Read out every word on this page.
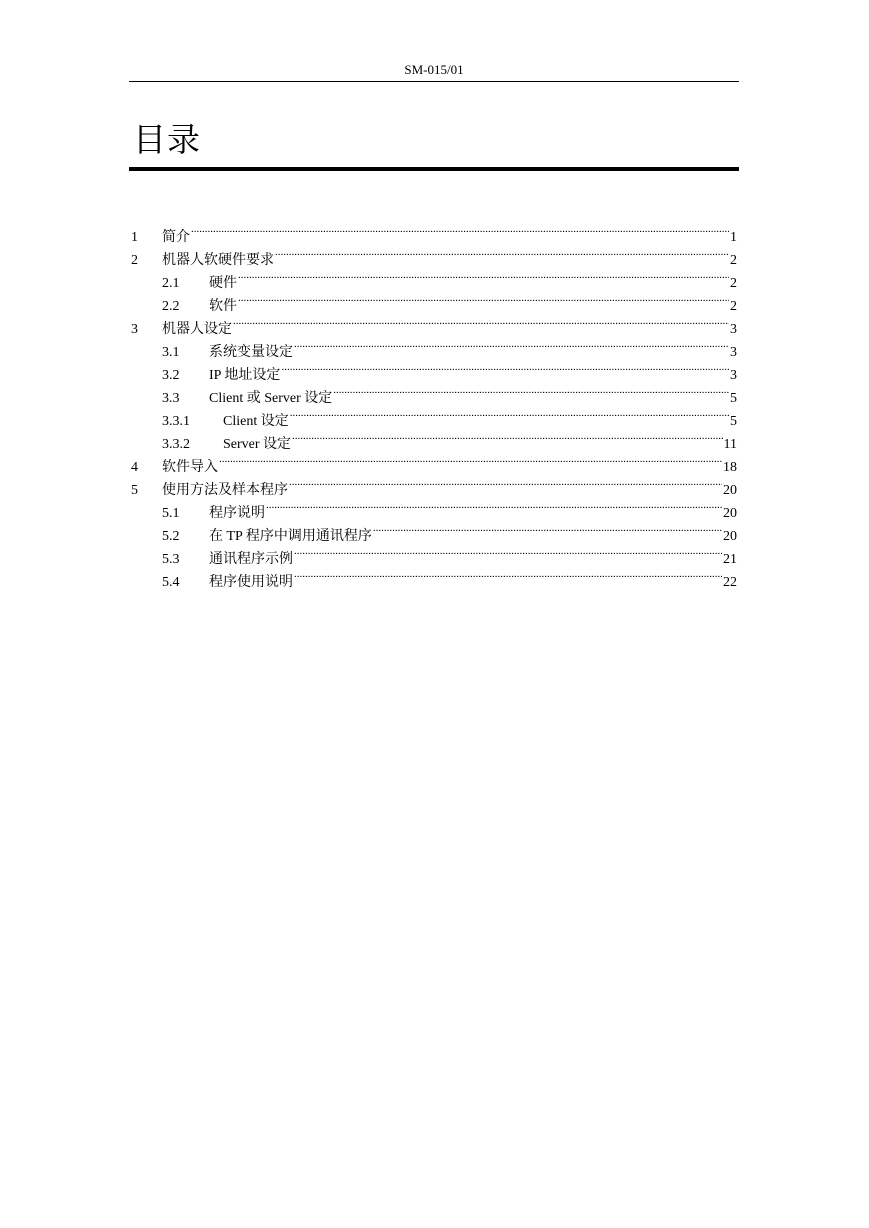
SM-015/01
目录
1	简介 .....	1
2	机器人软硬件要求 .....	2
2.1	硬件 .....	2
2.2	软件 .....	2
3	机器人设定 .....	3
3.1	系统变量设定 .....	3
3.2	IP 地址设定 .....	3
3.3	Client 或 Server 设定 .....	5
3.3.1	Client 设定 .....	5
3.3.2	Server 设定 .....	11
4	软件导入 .....	18
5	使用方法及样本程序 .....	20
5.1	程序说明 .....	20
5.2	在 TP 程序中调用通讯程序 .....	20
5.3	通讯程序示例 .....	21
5.4	程序使用说明 .....	22
